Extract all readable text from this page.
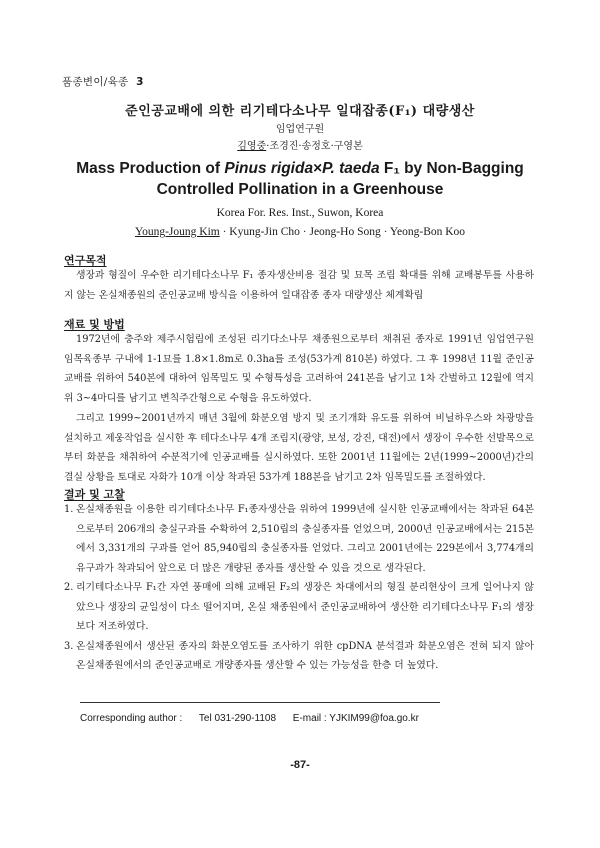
품종변이/육종 3
준인공교배에 의한 리기테다소나무 일대잡종(F₁) 대량생산
임업연구원
김영중·조경진·송정호·구영본
Mass Production of Pinus rigida×P. taeda F₁ by Non-Bagging
Controlled Pollination in a Greenhouse
Korea For. Res. Inst., Suwon, Korea
Young-Joung Kim · Kyung-Jin Cho · Jeong-Ho Song · Yeong-Bon Koo
연구목적
생장과 형질이 우수한 리기테다소나무 F₁ 종자생산비용 절감 및 묘목 조림 확대를 위해 교배봉투를 사용하지 않는 온실채종원의 준인공교배 방식을 이용하여 일대잡종 종자 대량생산 체계확립
재료 및 방법
1972년에 충주와 제주시험림에 조성된 리기다소나무 채종원으로부터 채취된 종자로 1991년 임업연구원 임목육종부 구내에 1-1묘를 1.8×1.8m로 0.3ha를 조성(53가계 810본) 하였다. 그 후 1998년 11월 준인공교배를 위하여 540본에 대하여 임목밀도 및 수형특성을 고려하여 241본을 남기고 1차 간벌하고 12월에 역지위 3~4마디를 남기고 변칙주간형으로 수형을 유도하였다.
그리고 1999~2001년까지 매년 3월에 화분오염 방지 및 조기개화 유도를 위하여 비닐하우스와 차광망을 설치하고 제웅작업을 실시한 후 테다소나무 4개 조림지(광양, 보성, 강진, 대전)에서 생장이 우수한 선발목으로부터 화분을 채취하여 수분적기에 인공교배를 실시하였다. 또한 2001년 11월에는 2년(1999~2000년)간의 결실 상황을 토대로 자화가 10개 이상 착과된 53가계 188본을 남기고 2차 임목밀도를 조절하였다.
결과 및 고찰
1. 온실채종원을 이용한 리기테다소나무 F₁종자생산을 위하여 1999년에 실시한 인공교배에서는 착과된 64본으로부터 206개의 충실구과를 수확하여 2,510립의 충실종자를 얻었으며, 2000년 인공교배에서는 215본에서 3,331개의 구과를 얻어 85,940립의 충실종자를 얻었다. 그리고 2001년에는 229본에서 3,774개의 유구과가 착과되어 앞으로 더 많은 개량된 종자를 생산할 수 있을 것으로 생각된다.
2. 리기테다소나무 F₁간 자연 풍매에 의해 교배된 F₂의 생장은 차대에서의 형질 분리현상이 크게 일어나지 않았으나 생장의 균일성이 다소 떨어지며, 온실 채종원에서 준인공교배하여 생산한 리기테다소나무 F₁의 생장보다 저조하였다.
3. 온실채종원에서 생산된 종자의 화분오염도를 조사하기 위한 cpDNA 분석결과 화분오염은 전혀 되지 않아 온실채종원에서의 준인공교배로 개량종자를 생산할 수 있는 가능성을 한층 더 높였다.
Corresponding author : Tel 031-290-1108 E-mail : YJKIM99@foa.go.kr
-87-
